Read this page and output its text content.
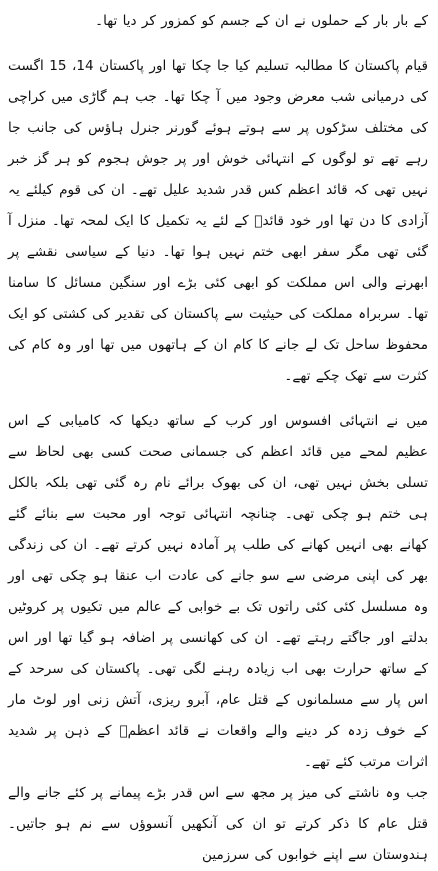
کے بار بار کے حملوں نے ان کے جسم کو کمزور کر دیا تھا۔

قیام پاکستان کا مطالبہ تسلیم کیا جا چکا تھا اور پاکستان 14، 15 اگست کی درمیانی شب معرض وجود میں آ چکا تھا۔ جب ہم گاڑی میں کراچی کی مختلف سڑکوں پر سے ہوتے ہوئے گورنر جنرل ہاؤس کی جانب جا رہے تھے تو لوگوں کے انتہائی خوش اور پر جوش ہجوم کو ہر گز خبر نہیں تھی کہ قائد اعظم کس قدر شدید علیل تھے۔ ان کی قوم کیلئے یہ آزادی کا دن تھا اور خود قائدؒ کے لئے یہ تکمیل کا ایک لمحہ تھا۔ منزل آ گئی تھی مگر سفر ابھی ختم نہیں ہوا تھا۔ دنیا کے سیاسی نقشے پر ابھرنے والی اس مملکت کو ابھی کئی بڑے اور سنگین مسائل کا سامنا تھا۔ سربراہ مملکت کی حیثیت سے پاکستان کی تقدیر کی کشتی کو ایک محفوظ ساحل تک لے جانے کا کام ان کے ہاتھوں میں تھا اور وہ کام کی کثرت سے تھک چکے تھے۔

میں نے انتہائی افسوس اور کرب کے ساتھ دیکھا کہ کامیابی کے اس عظیم لمحے میں قائد اعظم کی جسمانی صحت کسی بھی لحاظ سے تسلی بخش نہیں تھی، ان کی بھوک برائے نام رہ گئی تھی بلکہ بالکل ہی ختم ہو چکی تھی۔ چنانچہ انتہائی توجہ اور محبت سے بنائے گئے کھانے بھی انہیں کھانے کی طلب پر آمادہ نہیں کرتے تھے۔ ان کی زندگی بھر کی اپنی مرضی سے سو جانے کی عادت اب عنقا ہو چکی تھی اور وہ مسلسل کئی کئی راتوں تک بے خوابی کے عالم میں تکیوں پر کروٹیں بدلتے اور جاگتے رہتے تھے۔ ان کی کھانسی پر اضافہ ہو گیا تھا اور اس کے ساتھ حرارت بھی اب زیادہ رہنے لگی تھی۔ پاکستان کی سرحد کے اس پار سے مسلمانوں کے قتل عام، آبرو ریزی، آتش زنی اور لوٹ مار کے خوف زدہ کر دینے والے واقعات نے قائد اعظمؒ کے ذہن پر شدید اثرات مرتب کئے تھے۔

جب وہ ناشتے کی میز پر مجھ سے اس قدر بڑے پیمانے پر کئے جانے والے قتل عام کا ذکر کرتے تو ان کی آنکھیں آنسوؤں سے نم ہو جاتیں۔ ہندوستان سے اپنے خوابوں کی سرزمین
